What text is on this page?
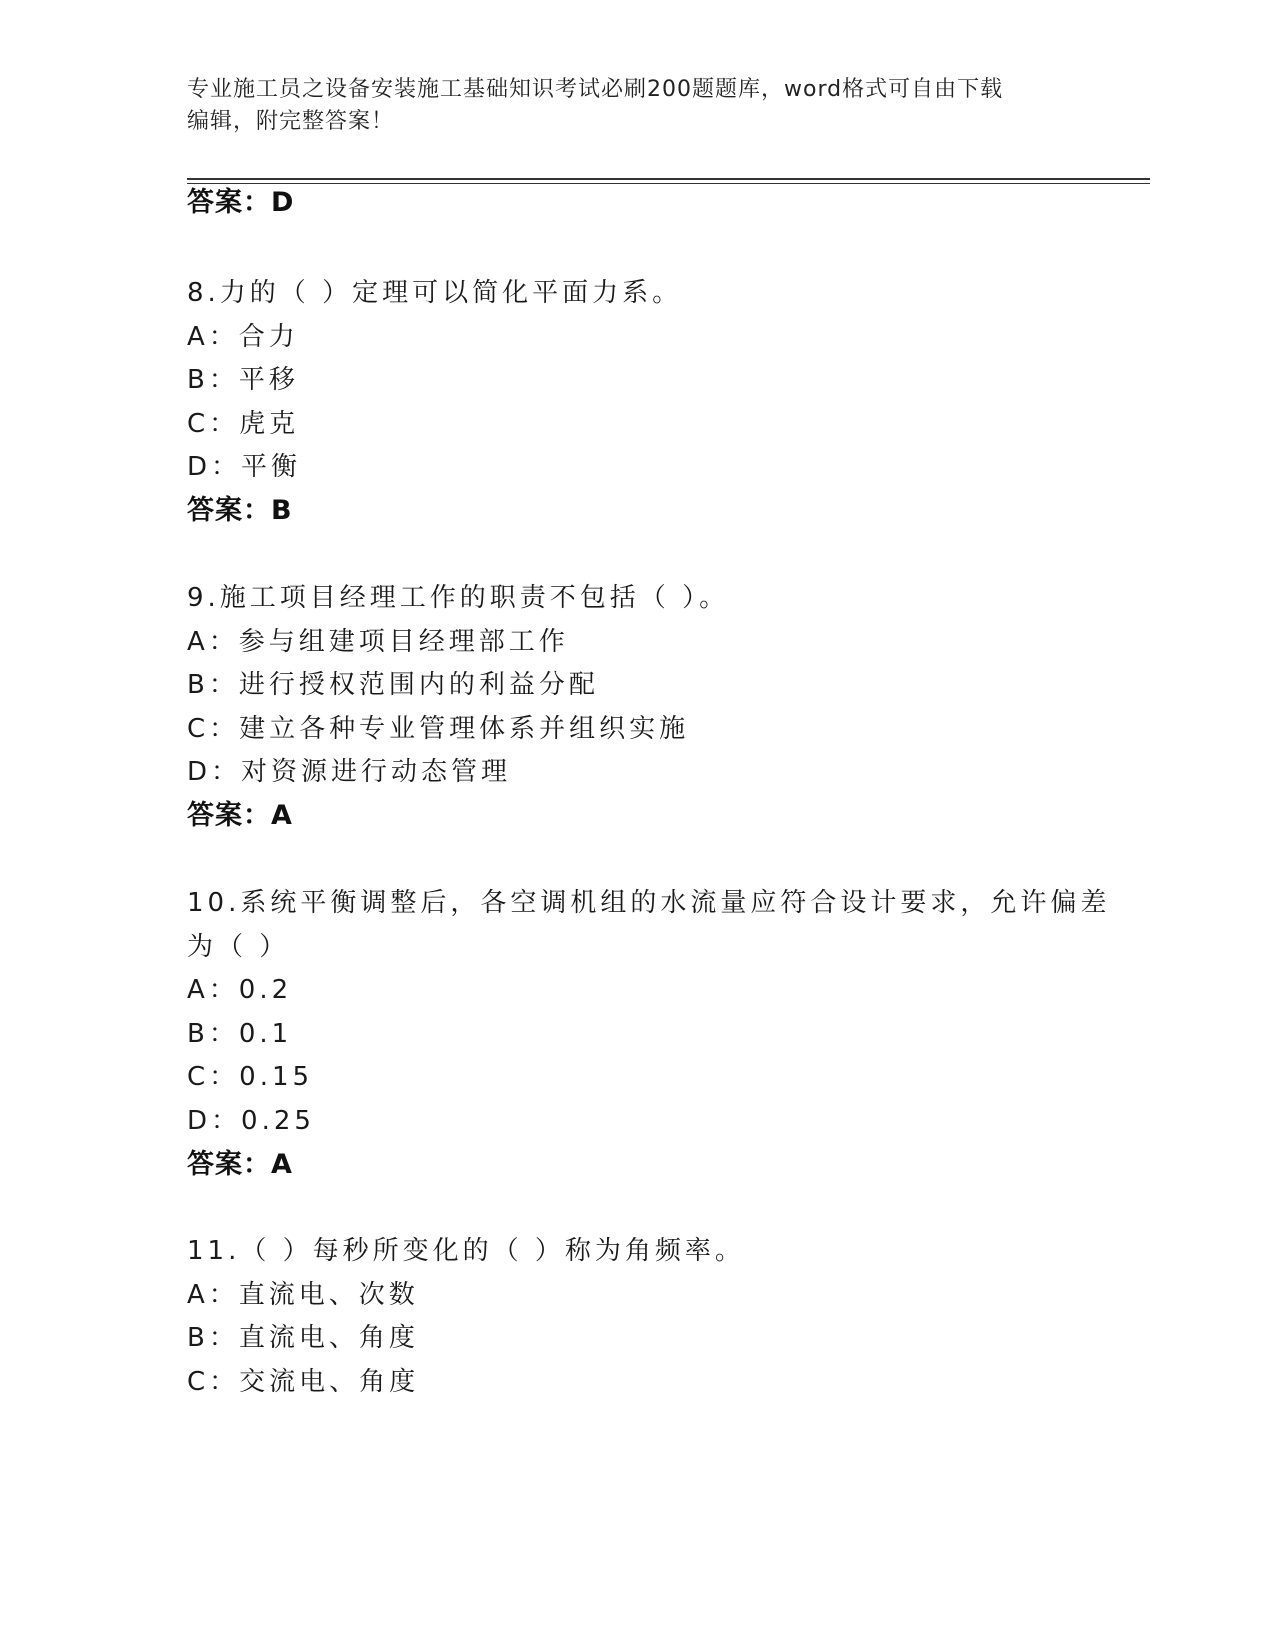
专业施工员之设备安装施工基础知识考试必刷200题题库，word格式可自由下载
编辑，附完整答案！
答案：D
8.力的（ ）定理可以简化平面力系。
A：合力
B：平移
C：虎克
D：平衡
答案：B
9.施工项目经理工作的职责不包括（ ）。
A：参与组建项目经理部工作
B：进行授权范围内的利益分配
C：建立各种专业管理体系并组织实施
D：对资源进行动态管理
答案：A
10.系统平衡调整后，各空调机组的水流量应符合设计要求，允许偏差
为（ ）
A：0.2
B：0.1
C：0.15
D：0.25
答案：A
11.（ ）每秒所变化的（ ）称为角频率。
A：直流电、次数
B：直流电、角度
C：交流电、角度
